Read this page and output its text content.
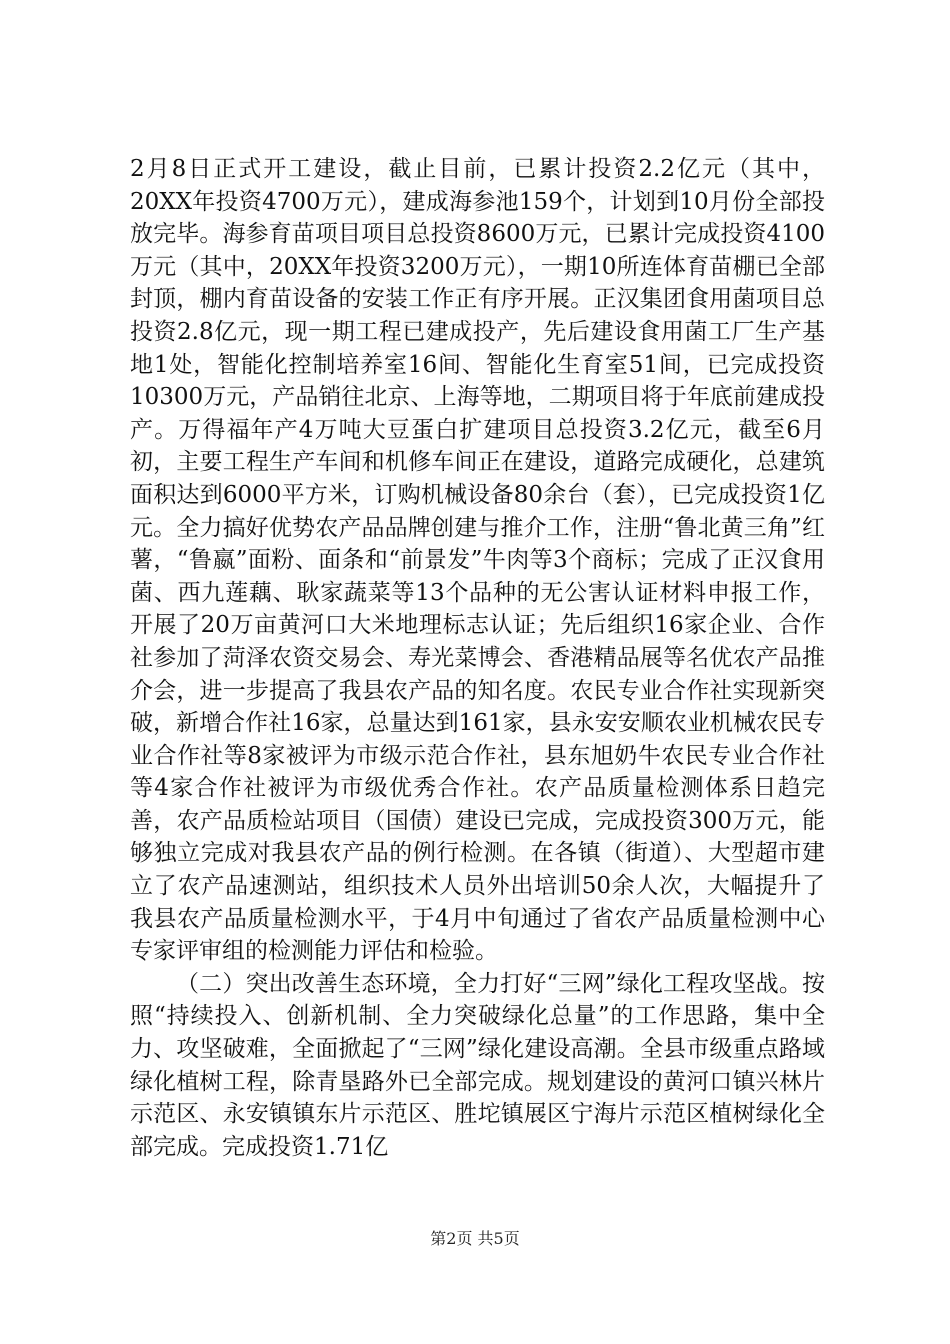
2月8日正式开工建设，截止目前，已累计投资2.2亿元（其中，20XX年投资4700万元），建成海参池159个，计划到10月份全部投放完毕。海参育苗项目项目总投资8600万元，已累计完成投资4100万元（其中，20XX年投资3200万元），一期10所连体育苗棚已全部封顶，棚内育苗设备的安装工作正有序开展。正汉集团食用菌项目总投资2.8亿元，现一期工程已建成投产，先后建设食用菌工厂生产基地1处，智能化控制培养室16间、智能化生育室51间，已完成投资10300万元，产品销往北京、上海等地，二期项目将于年底前建成投产。万得福年产4万吨大豆蛋白扩建项目总投资3.2亿元，截至6月初，主要工程生产车间和机修车间正在建设，道路完成硬化，总建筑面积达到6000平方米，订购机械设备80余台（套），已完成投资1亿元。全力搞好优势农产品品牌创建与推介工作，注册“鲁北黄三角”红薯，“鲁嬴”面粉、面条和“前景发”牛肉等3个商标；完成了正汉食用菌、西九莲藕、耿家蔬菜等13个品种的无公害认证材料申报工作，开展了20万亩黄河口大米地理标志认证；先后组织16家企业、合作社参加了菏泽农资交易会、寿光菜博会、香港精品展等名优农产品推介会，进一步提高了我县农产品的知名度。农民专业合作社实现新突破，新增合作社16家，总量达到161家，县永安安顺农业机械农民专业合作社等8家被评为市级示范合作社，县东旭奶牛农民专业合作社等4家合作社被评为市级优秀合作社。农产品质量检测体系日趋完善，农产品质检站项目（国债）建设已完成，完成投资300万元，能够独立完成对我县农产品的例行检测。在各镇（街道）、大型超市建立了农产品速测站，组织技术人员外出培训50余人次，大幅提升了我县农产品质量检测水平，于4月中旬通过了省农产品质量检测中心专家评审组的检测能力评估和检验。

（二）突出改善生态环境，全力打好“三网”绿化工程攻坚战。按照“持续投入、创新机制、全力突破绿化总量”的工作思路，集中全力、攻坚破难，全面掀起了“三网”绿化建设高潮。全县市级重点路域绿化植树工程，除青垦路外已全部完成。规划建设的黄河口镇兴林片示范区、永安镇镇东片示范区、胜坨镇展区宁海片示范区植树绿化全部完成。完成投资1.71亿

第2页 共5页
